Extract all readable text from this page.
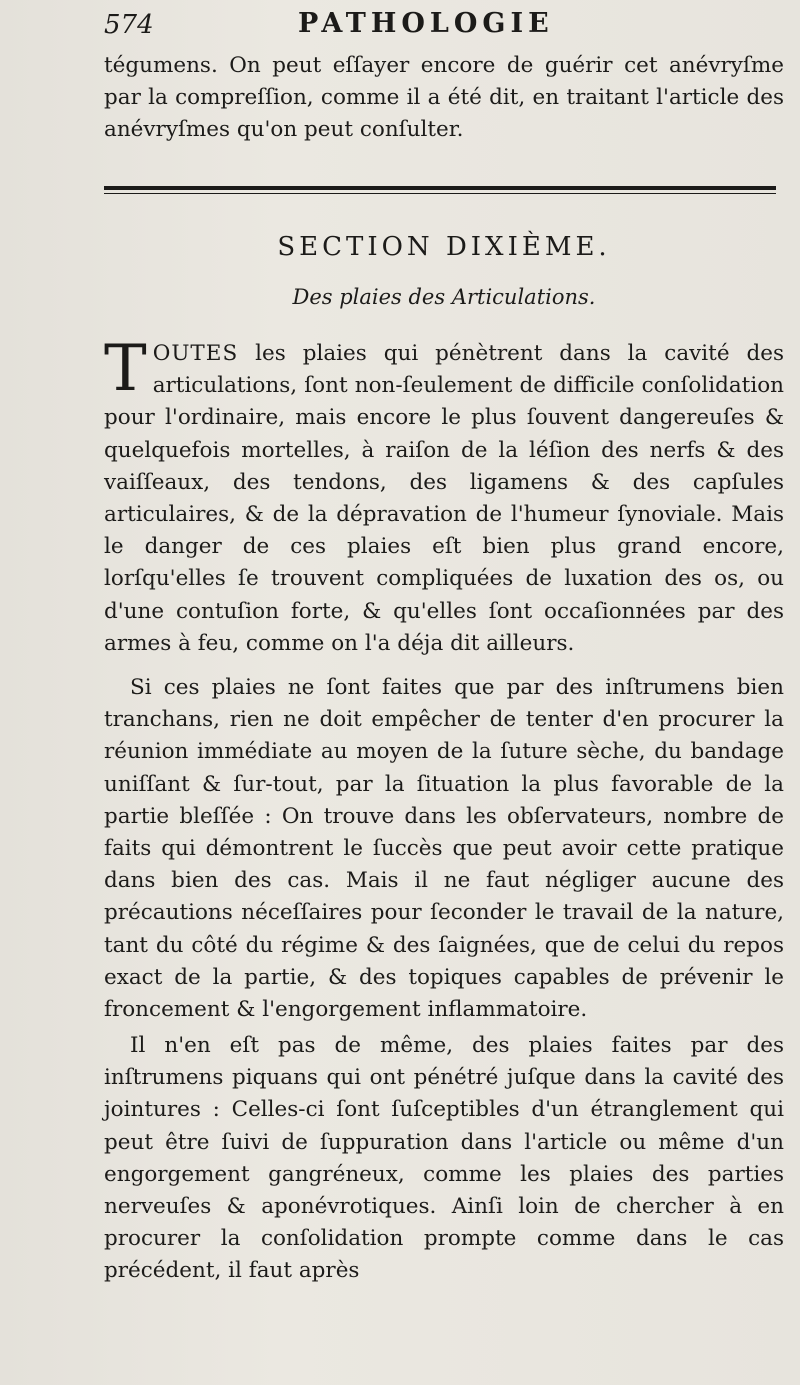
574	PATHOLOGIE

tégumens. On peut eſſayer encore de guérir cet anévryſme par la compreſſion, comme il a été dit, en traitant l'article des anévryſmes qu'on peut conſulter.

SECTION DIXIÈME.
Des plaies des Articulations.

TOUTES les plaies qui pénètrent dans la cavité des articulations, ſont non-ſeulement de difficile conſolidation pour l'ordinaire, mais encore le plus ſouvent dangereuſes & quelquefois mortelles, à raiſon de la léſion des nerfs & des vaiſſeaux, des tendons, des ligamens & des capſules articulaires, & de la dépravation de l'humeur ſynoviale. Mais le danger de ces plaies eſt bien plus grand encore, lorſqu'elles ſe trouvent compliquées de luxation des os, ou d'une contuſion forte, & qu'elles ſont occaſionnées par des armes à feu, comme on l'a déja dit ailleurs.

Si ces plaies ne ſont faites que par des inſtrumens bien tranchans, rien ne doit empêcher de tenter d'en procurer la réunion immédiate au moyen de la ſuture sèche, du bandage uniſſant & ſur-tout, par la ſituation la plus favorable de la partie bleſſée : On trouve dans les obſervateurs, nombre de faits qui démontrent le ſuccès que peut avoir cette pratique dans bien des cas. Mais il ne faut négliger aucune des précautions néceſſaires pour ſeconder le travail de la nature, tant du côté du régime & des ſaignées, que de celui du repos exact de la partie, & des topiques capables de prévenir le froncement & l'engorgement inflammatoire.

Il n'en eſt pas de même, des plaies faites par des inſtrumens piquans qui ont pénétré juſque dans la cavité des jointures : Celles-ci ſont ſuſceptibles d'un étranglement qui peut être ſuivi de ſuppuration dans l'article ou même d'un engorgement gangréneux, comme les plaies des parties nerveuſes & aponévrotiques. Ainſi loin de chercher à en procurer la conſolidation prompte comme dans le cas précédent, il faut après
